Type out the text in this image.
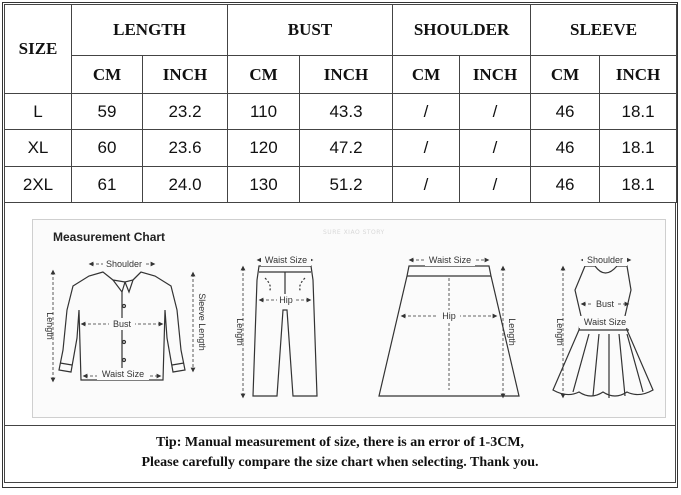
SIZE	LENGTH		BUST		SHOULDER		SLEEVE	
	CM	INCH	CM	INCH	CM	INCH	CM	INCH
L	59	23.2	110	43.3	/	/	46	18.1
XL	60	23.6	120	47.2	/	/	46	18.1
2XL	61	24.0	130	51.2	/	/	46	18.1
Measurement Chart	SURE XIAO STORY
Shoulder
Bust
Waist Size
Length	Sleeve Length
Waist Size
Hip
Length
Waist Size
Hip
Length
Shoulder
Bust
Waist Size
Length
Tip: Manual measurement of size, there is an error of 1-3CM,
Please carefully compare the size chart when selecting. Thank you.
